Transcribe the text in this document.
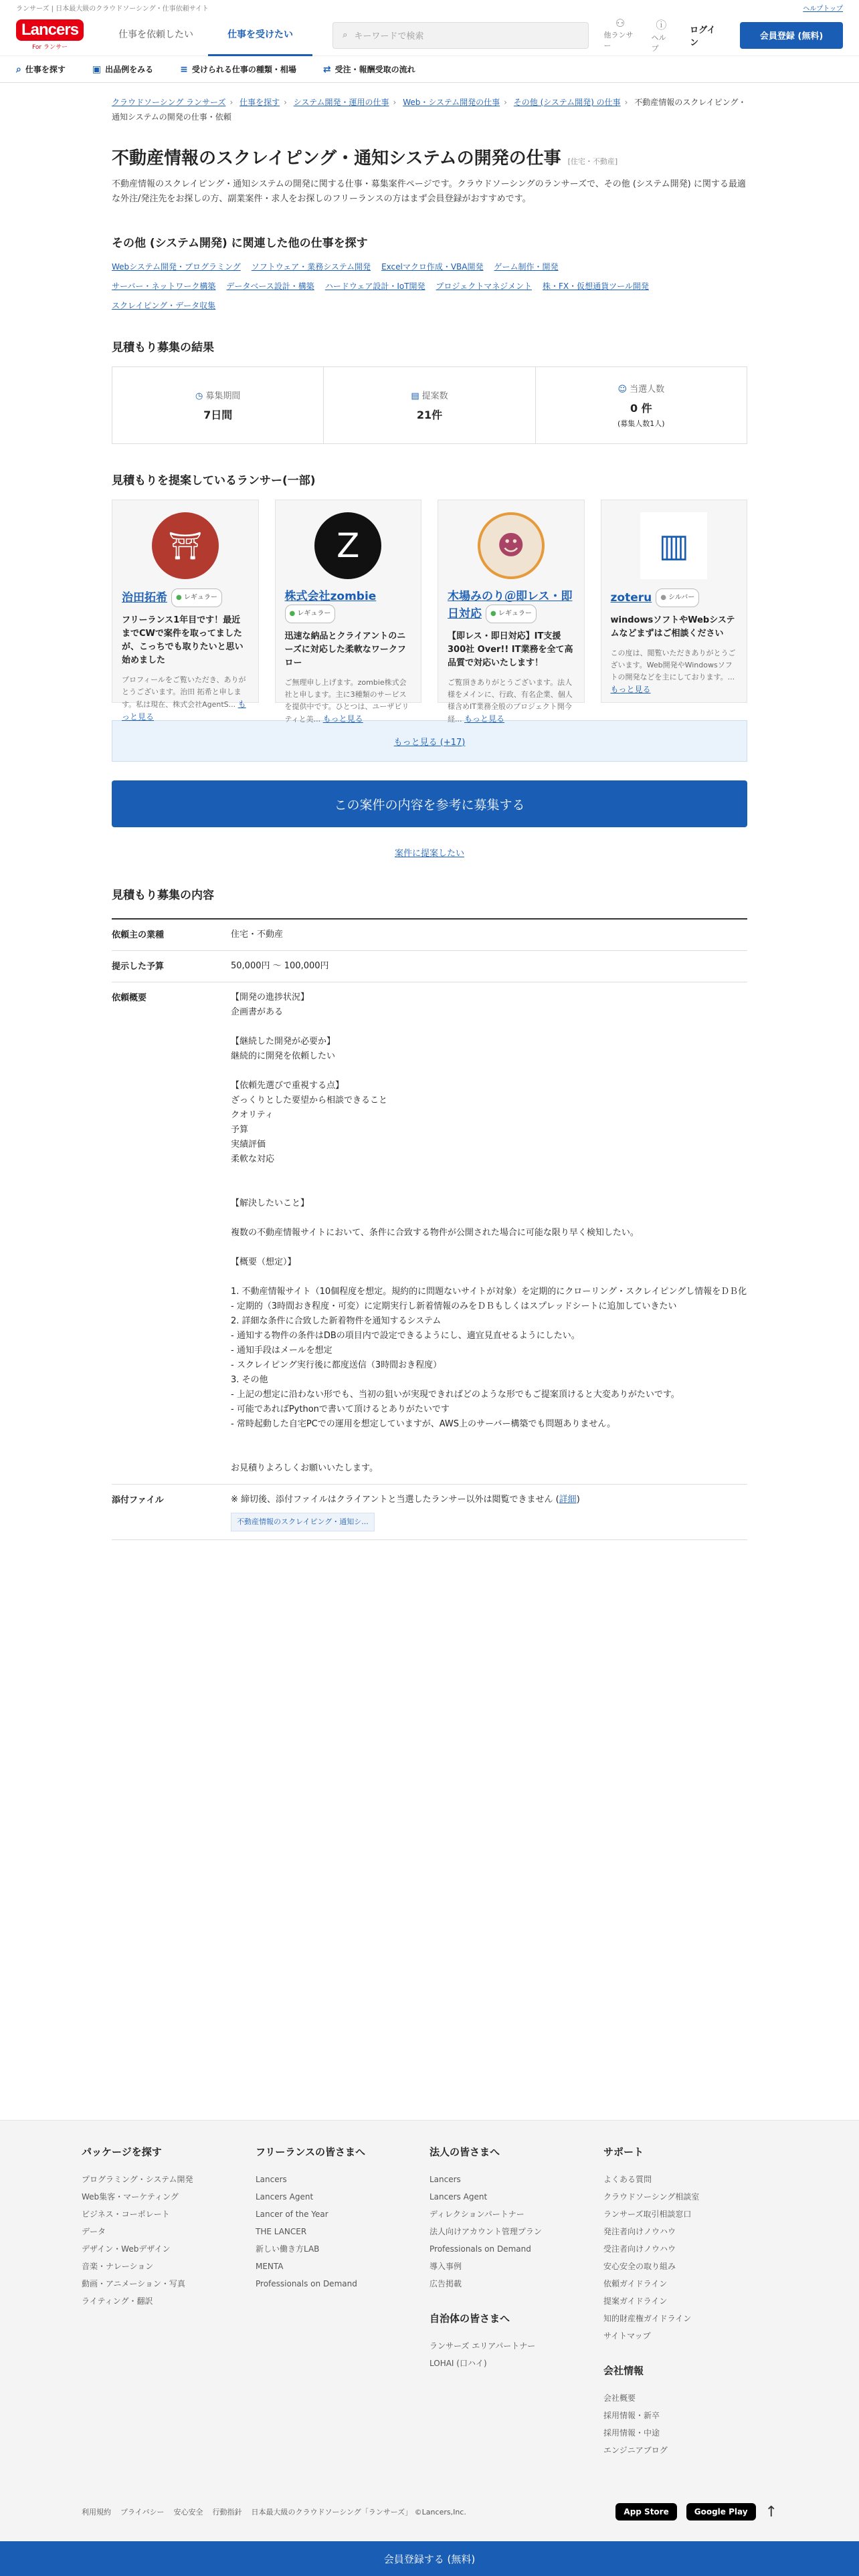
ランサーズ | 日本最大級のクラウドソーシング・仕事依頼サイト	ヘルプトップ
Lancers
For ランサー
仕事を依頼したい	仕事を受けたい	⌕ キーワードで検索
⚇
他ランサー
ⓘ
ヘルプ
ログイン
会員登録 (無料)
⌕ 仕事を探す	▣ 出品例をみる	≡ 受けられる仕事の種類・相場	⇄ 受注・報酬受取の流れ
クラウドソーシング ランサーズ › 仕事を探す › システム開発・運用の仕事 › Web・システム開発の仕事 › その他 (システム開発) の仕事 › 不動産情報のスクレイピング・通知システムの開発の仕事・依頼
不動産情報のスクレイピング・通知システムの開発の仕事 [住宅・不動産]

不動産情報のスクレイピング・通知システムの開発に関する仕事・募集案件ページです。クラウドソーシングのランサーズで、その他 (システム開発) に関する最適な外注/発注先をお探しの方、副業案件・求人をお探しのフリーランスの方はまず会員登録がおすすめです。

その他 (システム開発) に関連した他の仕事を探す
Webシステム開発・プログラミング ソフトウェア・業務システム開発 Excelマクロ作成・VBA開発 ゲーム制作・開発
サーバー・ネットワーク構築 データベース設計・構築 ハードウェア設計・IoT開発 プロジェクトマネジメント 株・FX・仮想通貨ツール開発
スクレイピング・データ収集
見積もり募集の結果
◷ 募集期間
7日間
▤ 提案数
21件
☺ 当選人数
0 件
(募集人数1人)
見積もりを提案しているランサー(一部)
⛩
治田拓希 ● レギュラー
フリーランス1年目です！最近までCWで案件を取ってましたが、こっちでも取りたいと思い始めました
プロフィールをご覧いただき、ありがとうございます。治田 拓希と申します。私は現在、株式会社AgentS... もっと見る
Z
株式会社zombie
● レギュラー
迅速な納品とクライアントのニーズに対応した柔軟なワークフロー
ご無理申し上げます。zombie株式会社と申します。主に3種類のサービスを提供中です。ひとつは、ユーザビリティと美... もっと見る
☻
木場みのり＠即レス・即日対応 ● レギュラー
【即レス・即日対応】IT支援300社 Over!! IT業務を全て高品質で対応いたします！
ご覧頂きありがとうございます。法人様をメインに、行政、有名企業、個人様含めIT業務全般のプロジェクト開今経... もっと見る
▥
zoteru ● シルバー
windowsソフトやWebシステムなどまずはご相談ください
この度は、閲覧いただきありがとうございます。Web開発やWindowsソフトの開発などを主にしております。... もっと見る
もっと見る (+17)
この案件の内容を参考に募集する
案件に提案したい
見積もり募集の内容
依頼主の業種	住宅・不動産
提示した予算	50,000円 〜 100,000円
依頼概要	【開発の進捗状況】
企画書がある

【継続した開発が必要か】
継続的に開発を依頼したい

【依頼先選びで重視する点】
ざっくりとした要望から相談できること
クオリティ
予算
実績評価
柔軟な対応

【解決したいこと】

複数の不動産情報サイトにおいて、条件に合致する物件が公開された場合に可能な限り早く検知したい。

【概要（想定）】

1. 不動産情報サイト（10個程度を想定。規約的に問題ないサイトが対象）を定期的にクローリング・スクレイピングし情報をＤＢ化
- 定期的（3時間おき程度・可変）に定期実行し新着情報のみをＤＢもしくはスプレッドシートに追加していきたい
2. 詳細な条件に合致した新着物件を通知するシステム
- 通知する物件の条件はDBの項目内で設定できるようにし、適宜見直せるようにしたい。
- 通知手段はメールを想定
- スクレイピング実行後に都度送信（3時間おき程度）
3. その他
- 上記の想定に沿わない形でも、当初の狙いが実現できればどのような形でもご提案頂けると大変ありがたいです。
- 可能であればPythonで書いて頂けるとありがたいです
- 常時起動した自宅PCでの運用を想定していますが、AWS上のサーバー構築でも問題ありません。

お見積りよろしくお願いいたします。
添付ファイル	※ 締切後、添付ファイルはクライアントと当選したランサー以外は閲覧できません (詳細)
不動産情報のスクレイピング・通知シ...
パッケージを探す
プログラミング・システム開発
Web集客・マーケティング
ビジネス・コーポレート
データ
デザイン・Webデザイン
音楽・ナレーション
動画・アニメーション・写真
ライティング・翻訳
フリーランスの皆さまへ
Lancers
Lancers Agent
Lancer of the Year
THE LANCER
新しい働き方LAB
MENTA
Professionals on Demand
法人の皆さまへ
Lancers
Lancers Agent
ディレクションパートナー
法人向けアカウント管理プラン
Professionals on Demand
導入事例
広告掲載
自治体の皆さまへ
ランサーズ エリアパートナー
LOHAI (口ハイ)
サポート
よくある質問
クラウドソーシング相談室
ランサーズ取引相談窓口
発注者向けノウハウ
受注者向けノウハウ
安心安全の取り組み
依頼ガイドライン
提案ガイドライン
知的財産権ガイドライン
サイトマップ
会社情報
会社概要
採用情報・新卒
採用情報・中途
エンジニアブログ
利用規約 プライバシー 安心安全 行動指針 日本最大級のクラウドソーシング「ランサーズ」 ©Lancers,Inc.	App Store	Google Play	↑
会員登録する (無料)
